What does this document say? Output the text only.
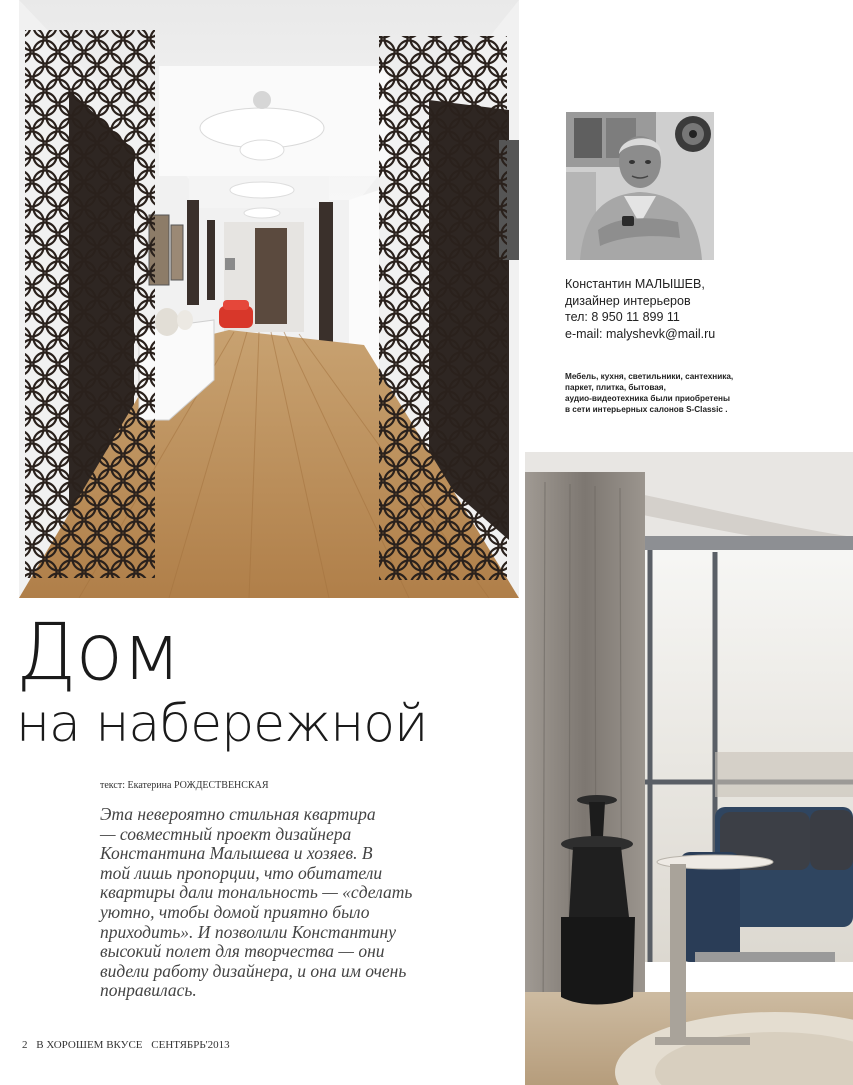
Константин МАЛЫШЕВ,
дизайнер интерьеров
тел: 8 950 11 899 11
e-mail: malyshevk@mail.ru
Мебель, кухня, светильники, сантехника,
паркет, плитка, бытовая,
аудио-видеотехника были приобретены
в сети интерьерных салонов S-Classic .
Дом
на набережной
текст: Екатерина РОЖДЕСТВЕНСКАЯ
Эта невероятно стильная квартира
— совместный проект дизайнера
Константина Малышева и хозяев. В
той лишь пропорции, что обитатели
квартиры дали тональность — «сделать
уютно, чтобы домой приятно было
приходить». И позволили Константину
высокий полет для творчества — они
видели работу дизайнера, и она им очень
понравилась.
2 В ХОРОШЕМ ВКУСЕ СЕНТЯБРЬ'2013
